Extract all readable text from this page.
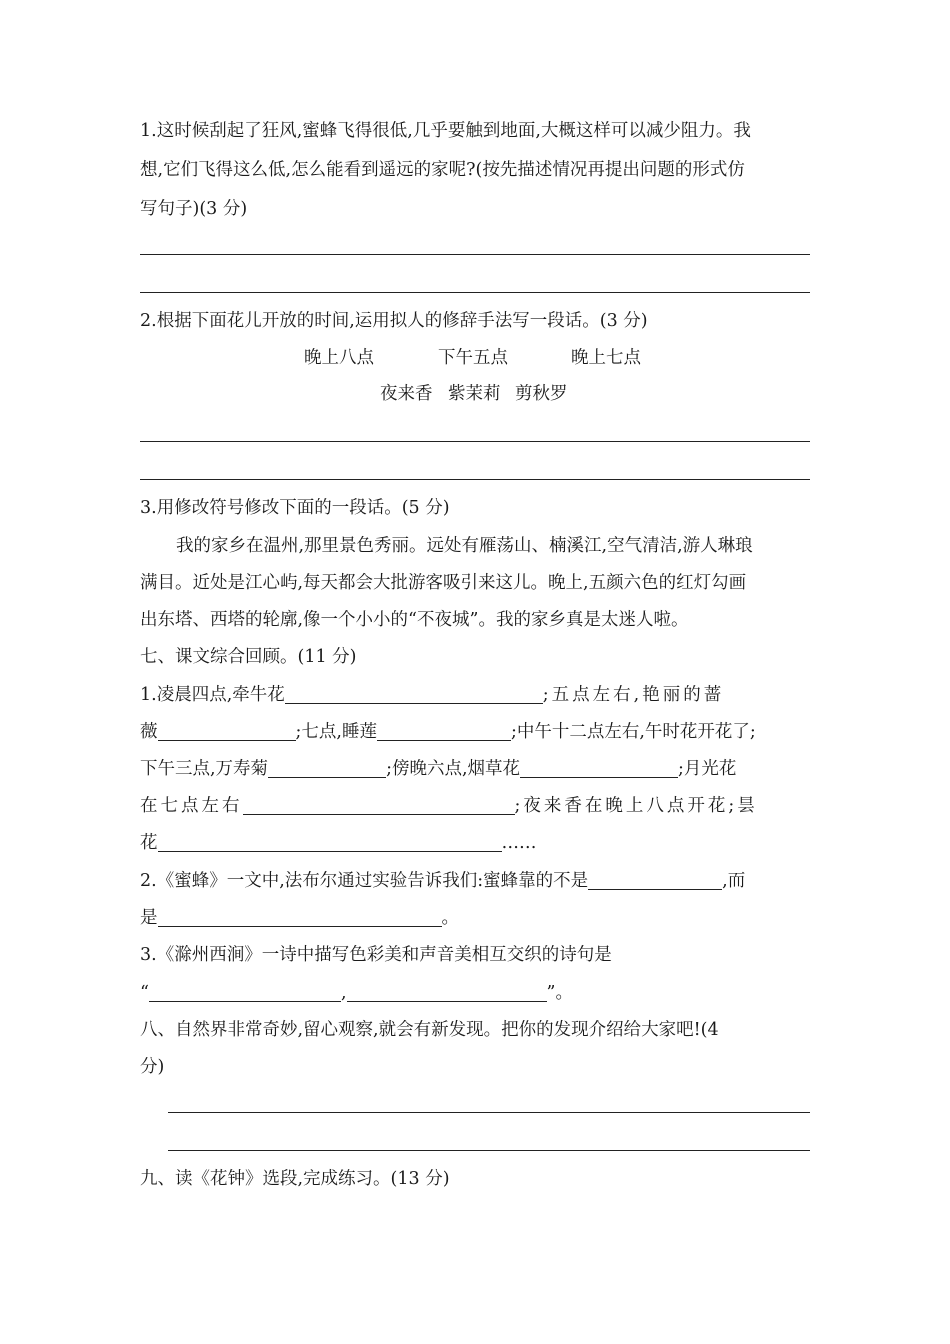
1.这时候刮起了狂风,蜜蜂飞得很低,几乎要触到地面,大概这样可以减少阻力。我
想,它们飞得这么低,怎么能看到遥远的家呢?(按先描述情况再提出问题的形式仿
写句子)(3 分)
2.根据下面花儿开放的时间,运用拟人的修辞手法写一段话。(3 分)
晚上八点	下午五点	晚上七点
夜来香 紫茉莉 剪秋罗
3.用修改符号修改下面的一段话。(5 分)
我的家乡在温州,那里景色秀丽。远处有雁荡山、楠溪江,空气清洁,游人琳琅
满目。近处是江心屿,每天都会大批游客吸引来这儿。晚上,五颜六色的红灯勾画
出东塔、西塔的轮廓,像一个小小的“不夜城”。我的家乡真是太迷人啦。
七、课文综合回顾。(11 分)
1.凌晨四点,牵牛花	;五点左右,艳丽的蔷
薇	;七点,睡莲	;中午十二点左右,午时花开花了;
下午三点,万寿菊	;傍晚六点,烟草花	;月光花
在七点左右	;夜来香在晚上八点开花;昙
花	……
2.《蜜蜂》一文中,法布尔通过实验告诉我们:蜜蜂靠的不是	,而
是	。
3.《滁州西涧》一诗中描写色彩美和声音美相互交织的诗句是
“	,	”。
八、自然界非常奇妙,留心观察,就会有新发现。把你的发现介绍给大家吧!(4
分)
九、读《花钟》选段,完成练习。(13 分)
